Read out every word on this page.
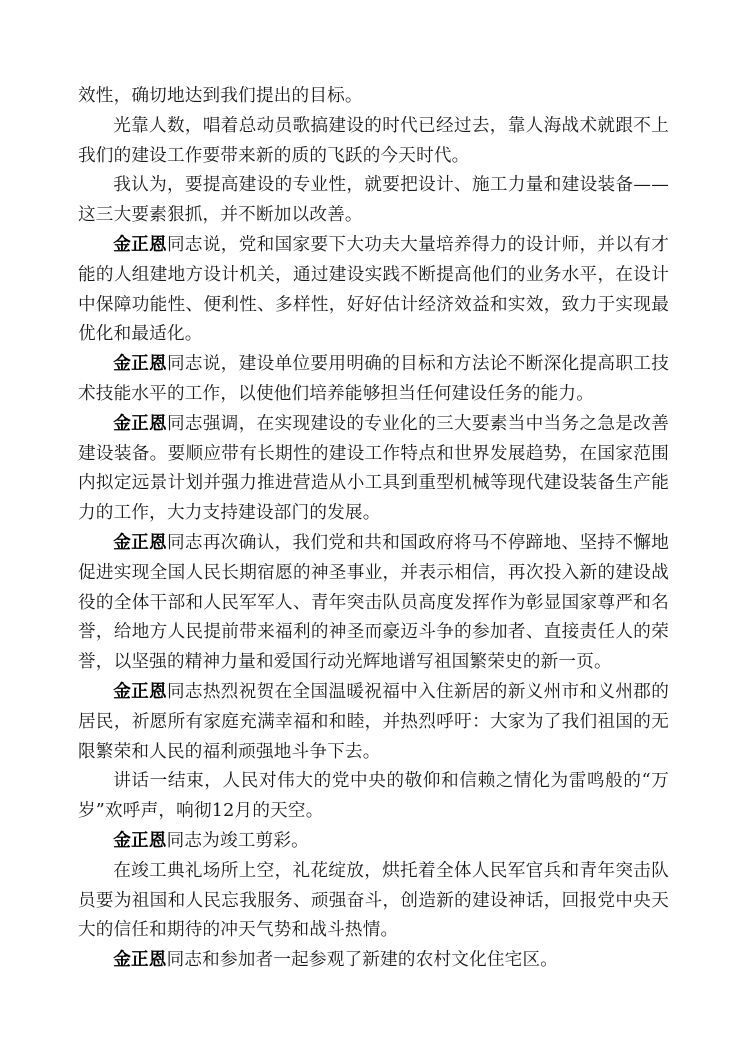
效性，确切地达到我们提出的目标。

光靠人数，唱着总动员歌搞建设的时代已经过去，靠人海战术就跟不上我们的建设工作要带来新的质的飞跃的今天时代。

我认为，要提高建设的专业性，就要把设计、施工力量和建设装备——这三大要素狠抓，并不断加以改善。

金正恩同志说，党和国家要下大功夫大量培养得力的设计师，并以有才能的人组建地方设计机关，通过建设实践不断提高他们的业务水平，在设计中保障功能性、便利性、多样性，好好估计经济效益和实效，致力于实现最优化和最适化。

金正恩同志说，建设单位要用明确的目标和方法论不断深化提高职工技术技能水平的工作，以使他们培养能够担当任何建设任务的能力。

金正恩同志强调，在实现建设的专业化的三大要素当中当务之急是改善建设装备。要顺应带有长期性的建设工作特点和世界发展趋势，在国家范围内拟定远景计划并强力推进营造从小工具到重型机械等现代建设装备生产能力的工作，大力支持建设部门的发展。

金正恩同志再次确认，我们党和共和国政府将马不停蹄地、坚持不懈地促进实现全国人民长期宿愿的神圣事业，并表示相信，再次投入新的建设战役的全体干部和人民军军人、青年突击队员高度发挥作为彰显国家尊严和名誉，给地方人民提前带来福利的神圣而豪迈斗争的参加者、直接责任人的荣誉，以坚强的精神力量和爱国行动光辉地谱写祖国繁荣史的新一页。

金正恩同志热烈祝贺在全国温暖祝福中入住新居的新义州市和义州郡的居民，祈愿所有家庭充满幸福和和睦，并热烈呼吁：大家为了我们祖国的无限繁荣和人民的福利顽强地斗争下去。

讲话一结束，人民对伟大的党中央的敬仰和信赖之情化为雷鸣般的“万岁”欢呼声，响彻12月的天空。

金正恩同志为竣工剪彩。

在竣工典礼场所上空，礼花绽放，烘托着全体人民军官兵和青年突击队员要为祖国和人民忘我服务、顽强奋斗，创造新的建设神话，回报党中央天大的信任和期待的冲天气势和战斗热情。

金正恩同志和参加者一起参观了新建的农村文化住宅区。
